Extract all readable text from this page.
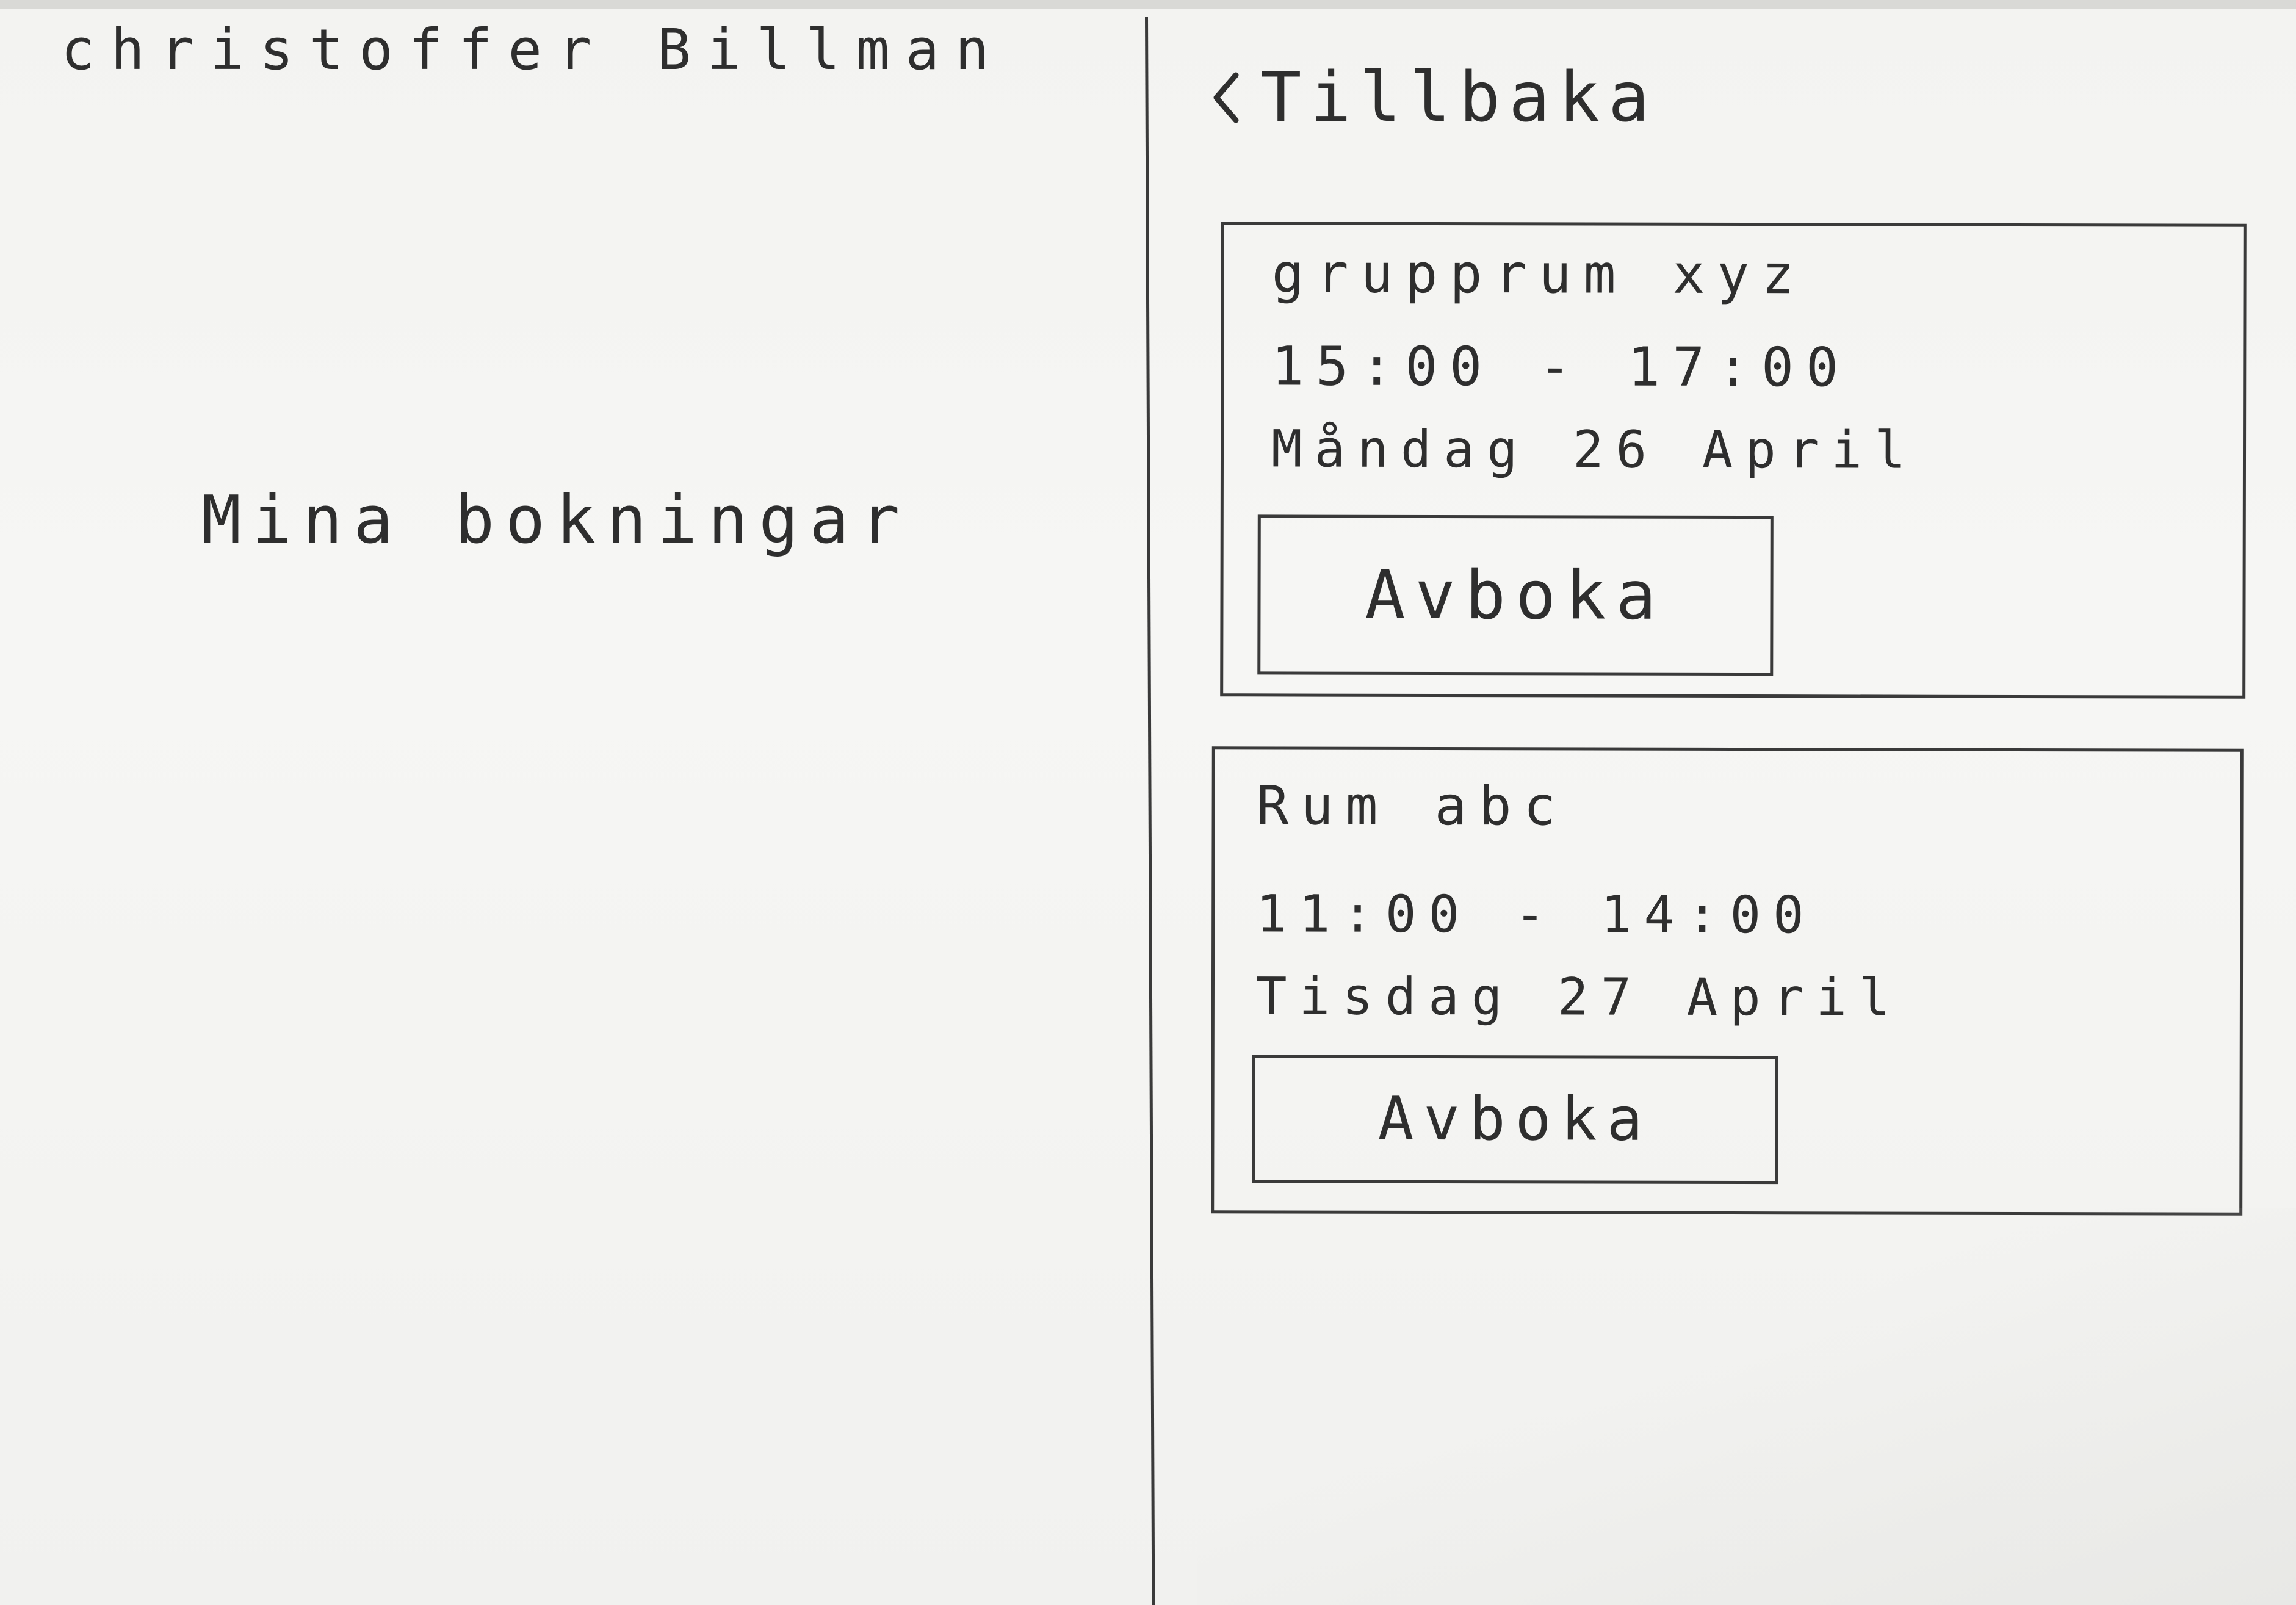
christoffer Billman
Mina bokningar
Tillbaka
grupprum xyz
15:00 - 17:00
Måndag 26 April
Avboka
Rum abc
11:00 - 14:00
Tisdag 27 April
Avboka
